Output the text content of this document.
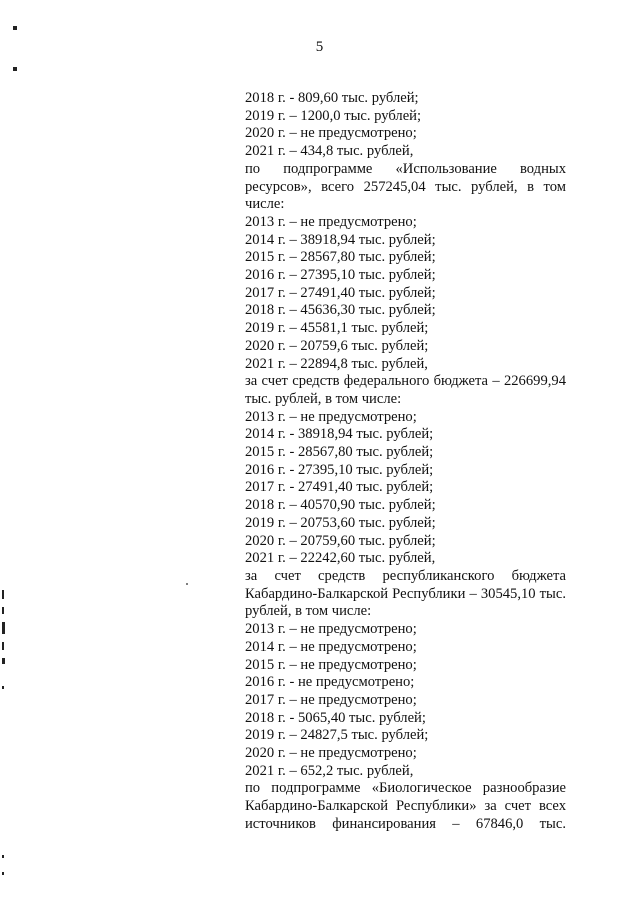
5
2018 г. - 809,60 тыс. рублей;
2019 г. – 1200,0 тыс. рублей;
2020 г. – не предусмотрено;
2021 г. – 434,8 тыс. рублей,
по подпрограмме «Использование водных ресурсов», всего 257245,04 тыс. рублей, в том числе:
2013 г. – не предусмотрено;
2014 г. – 38918,94 тыс. рублей;
2015 г. – 28567,80 тыс. рублей;
2016 г. – 27395,10 тыс. рублей;
2017 г. – 27491,40 тыс. рублей;
2018 г. – 45636,30 тыс. рублей;
2019 г. – 45581,1 тыс. рублей;
2020 г. – 20759,6 тыс. рублей;
2021 г. – 22894,8 тыс. рублей,
за счет средств федерального бюджета – 226699,94 тыс. рублей, в том числе:
2013 г. – не предусмотрено;
2014 г. - 38918,94 тыс. рублей;
2015 г. - 28567,80 тыс. рублей;
2016 г. - 27395,10 тыс. рублей;
2017 г. - 27491,40 тыс. рублей;
2018 г. – 40570,90 тыс. рублей;
2019 г. – 20753,60 тыс. рублей;
2020 г. – 20759,60 тыс. рублей;
2021 г. – 22242,60 тыс. рублей,
за счет средств республиканского бюджета Кабардино-Балкарской Республики – 30545,10 тыс. рублей, в том числе:
2013 г. – не предусмотрено;
2014 г. – не предусмотрено;
2015 г. – не предусмотрено;
2016 г. - не предусмотрено;
2017 г. – не предусмотрено;
2018 г. - 5065,40 тыс. рублей;
2019 г. – 24827,5 тыс. рублей;
2020 г. – не предусмотрено;
2021 г. – 652,2 тыс. рублей,
по подпрограмме «Биологическое разнообразие Кабардино-Балкарской Республики» за счет всех источников финансирования – 67846,0 тыс.
